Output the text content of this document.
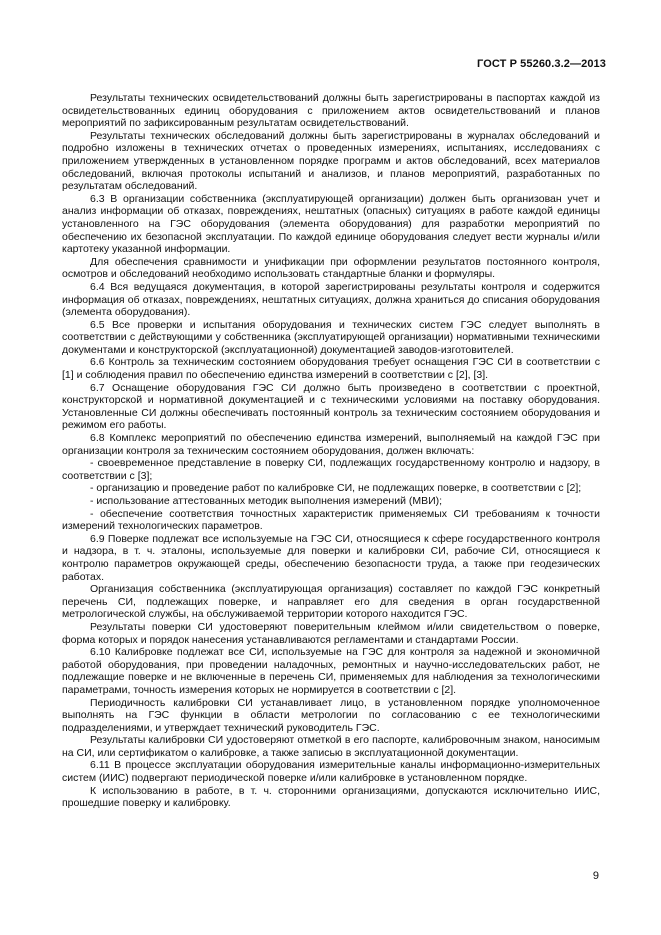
ГОСТ Р 55260.3.2—2013

Результаты технических освидетельствований должны быть зарегистрированы в паспортах каждой из освидетельствованных единиц оборудования с приложением актов освидетельствований и планов мероприятий по зафиксированным результатам освидетельствований.

Результаты технических обследований должны быть зарегистрированы в журналах обследований и подробно изложены в технических отчетах о проведенных измерениях, испытаниях, исследованиях с приложением утвержденных в установленном порядке программ и актов обследований, всех материалов обследований, включая протоколы испытаний и анализов, и планов мероприятий, разработанных по результатам обследований.

6.3 В организации собственника (эксплуатирующей организации) должен быть организован учет и анализ информации об отказах, повреждениях, нештатных (опасных) ситуациях в работе каждой единицы установленного на ГЭС оборудования (элемента оборудования) для разработки мероприятий по обеспечению их безопасной эксплуатации. По каждой единице оборудования следует вести журналы и/или картотеку указанной информации.

Для обеспечения сравнимости и унификации при оформлении результатов постоянного контроля, осмотров и обследований необходимо использовать стандартные бланки и формуляры.

6.4 Вся ведущаяся документация, в которой зарегистрированы результаты контроля и содержится информация об отказах, повреждениях, нештатных ситуациях, должна храниться до списания оборудования (элемента оборудования).

6.5 Все проверки и испытания оборудования и технических систем ГЭС следует выполнять в соответствии с действующими у собственника (эксплуатирующей организации) нормативными техническими документами и конструкторской (эксплуатационной) документацией заводов-изготовителей.

6.6 Контроль за техническим состоянием оборудования требует оснащения ГЭС СИ в соответствии с [1] и соблюдения правил по обеспечению единства измерений в соответствии с [2], [3].

6.7 Оснащение оборудования ГЭС СИ должно быть произведено в соответствии с проектной, конструкторской и нормативной документацией и с техническими условиями на поставку оборудования. Установленные СИ должны обеспечивать постоянный контроль за техническим состоянием оборудования и режимом его работы.

6.8 Комплекс мероприятий по обеспечению единства измерений, выполняемый на каждой ГЭС при организации контроля за техническим состоянием оборудования, должен включать:

- своевременное представление в поверку СИ, подлежащих государственному контролю и надзору, в соответствии с [3];

- организацию и проведение работ по калибровке СИ, не подлежащих поверке, в соответствии с [2];

- использование аттестованных методик выполнения измерений (МВИ);

- обеспечение соответствия точностных характеристик применяемых СИ требованиям к точности измерений технологических параметров.

6.9 Поверке подлежат все используемые на ГЭС СИ, относящиеся к сфере государственного контроля и надзора, в т. ч. эталоны, используемые для поверки и калибровки СИ, рабочие СИ, относящиеся к контролю параметров окружающей среды, обеспечению безопасности труда, а также при геодезических работах.

Организация собственника (эксплуатирующая организация) составляет по каждой ГЭС конкретный перечень СИ, подлежащих поверке, и направляет его для сведения в орган государственной метрологической службы, на обслуживаемой территории которого находится ГЭС.

Результаты поверки СИ удостоверяют поверительным клеймом и/или свидетельством о поверке, форма которых и порядок нанесения устанавливаются регламентами и стандартами России.

6.10 Калибровке подлежат все СИ, используемые на ГЭС для контроля за надежной и экономичной работой оборудования, при проведении наладочных, ремонтных и научно-исследовательских работ, не подлежащие поверке и не включенные в перечень СИ, применяемых для наблюдения за технологическими параметрами, точность измерения которых не нормируется в соответствии с [2].

Периодичность калибровки СИ устанавливает лицо, в установленном порядке уполномоченное выполнять на ГЭС функции в области метрологии по согласованию с ее технологическими подразделениями, и утверждает технический руководитель ГЭС.

Результаты калибровки СИ удостоверяют отметкой в его паспорте, калибровочным знаком, наносимым на СИ, или сертификатом о калибровке, а также записью в эксплуатационной документации.

6.11 В процессе эксплуатации оборудования измерительные каналы информационно-измерительных систем (ИИС) подвергают периодической поверке и/или калибровке в установленном порядке.

К использованию в работе, в т. ч. сторонними организациями, допускаются исключительно ИИС, прошедшие поверку и калибровку.

9
